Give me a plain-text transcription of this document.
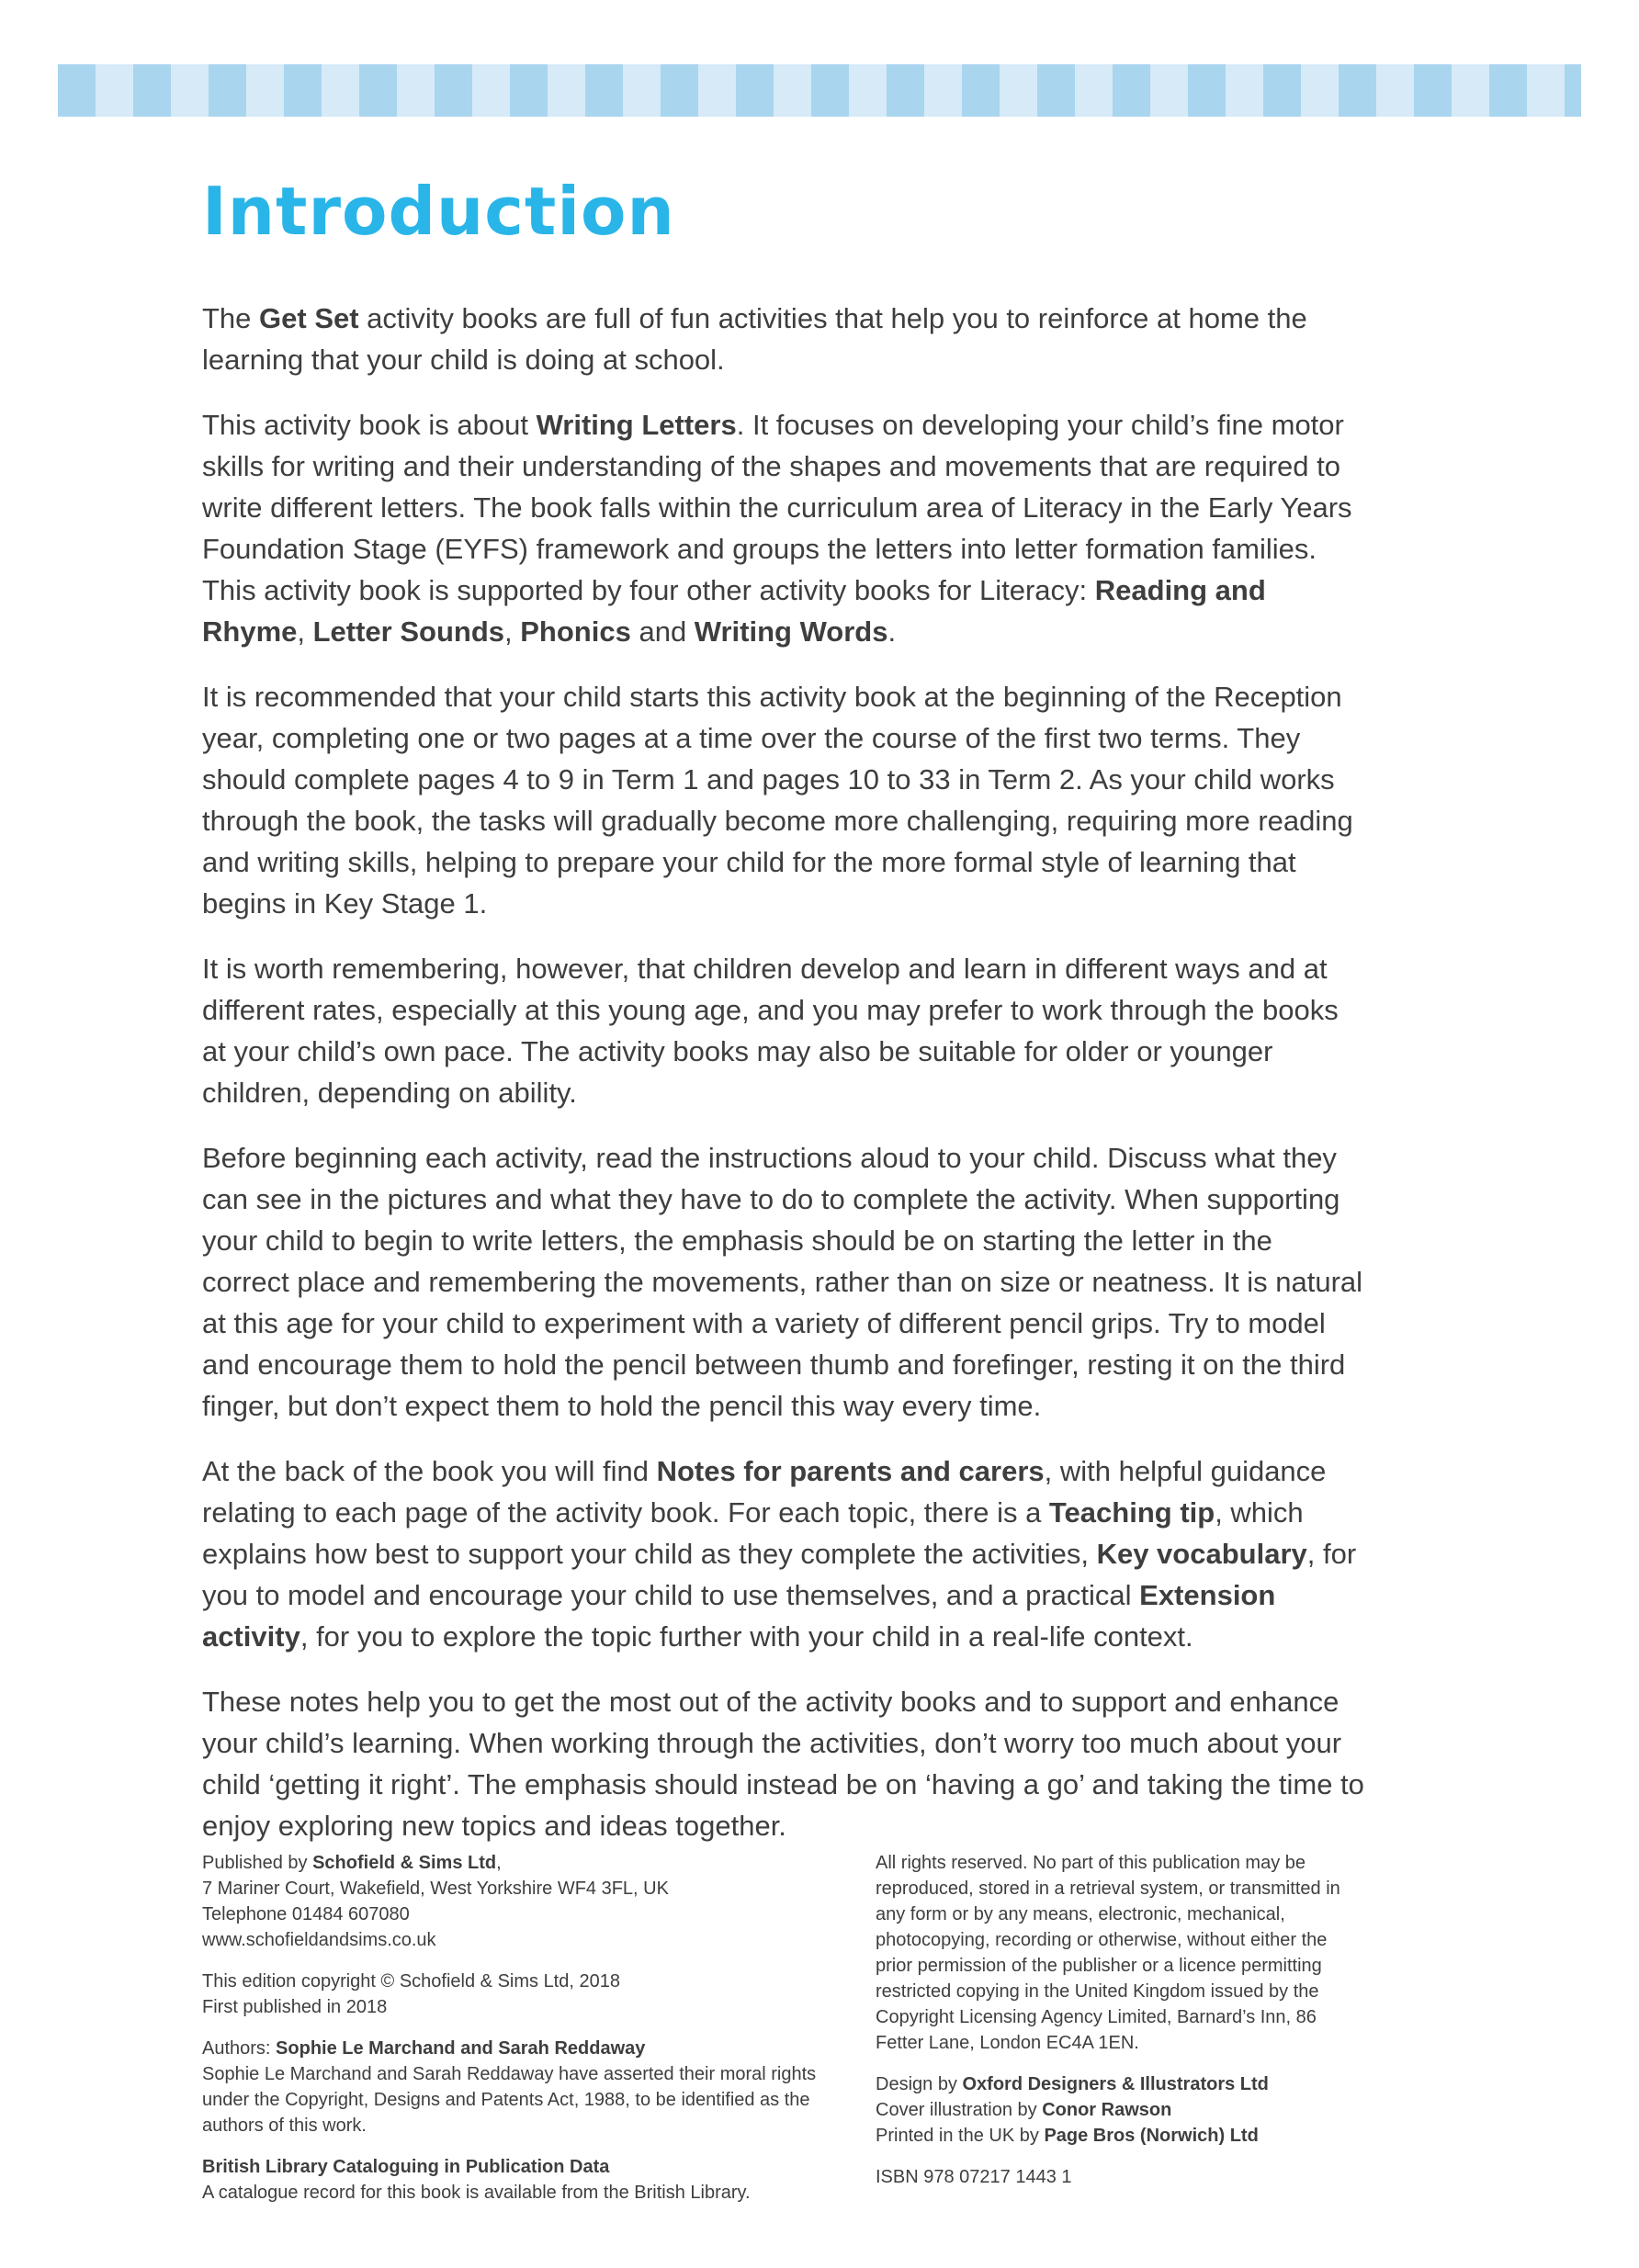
Introduction

The Get Set activity books are full of fun activities that help you to reinforce at home the learning that your child is doing at school.

This activity book is about Writing Letters. It focuses on developing your child’s fine motor skills for writing and their understanding of the shapes and movements that are required to write different letters. The book falls within the curriculum area of Literacy in the Early Years Foundation Stage (EYFS) framework and groups the letters into letter formation families. This activity book is supported by four other activity books for Literacy: Reading and Rhyme, Letter Sounds, Phonics and Writing Words.

It is recommended that your child starts this activity book at the beginning of the Reception year, completing one or two pages at a time over the course of the first two terms. They should complete pages 4 to 9 in Term 1 and pages 10 to 33 in Term 2. As your child works through the book, the tasks will gradually become more challenging, requiring more reading and writing skills, helping to prepare your child for the more formal style of learning that begins in Key Stage 1.

It is worth remembering, however, that children develop and learn in different ways and at different rates, especially at this young age, and you may prefer to work through the books at your child’s own pace. The activity books may also be suitable for older or younger children, depending on ability.

Before beginning each activity, read the instructions aloud to your child. Discuss what they can see in the pictures and what they have to do to complete the activity. When supporting your child to begin to write letters, the emphasis should be on starting the letter in the correct place and remembering the movements, rather than on size or neatness. It is natural at this age for your child to experiment with a variety of different pencil grips. Try to model and encourage them to hold the pencil between thumb and forefinger, resting it on the third finger, but don’t expect them to hold the pencil this way every time.

At the back of the book you will find Notes for parents and carers, with helpful guidance relating to each page of the activity book. For each topic, there is a Teaching tip, which explains how best to support your child as they complete the activities, Key vocabulary, for you to model and encourage your child to use themselves, and a practical Extension activity, for you to explore the topic further with your child in a real-life context.

These notes help you to get the most out of the activity books and to support and enhance your child’s learning. When working through the activities, don’t worry too much about your child ‘getting it right’. The emphasis should instead be on ‘having a go’ and taking the time to enjoy exploring new topics and ideas together.

Published by Schofield & Sims Ltd,
7 Mariner Court, Wakefield, West Yorkshire WF4 3FL, UK
Telephone 01484 607080
www.schofieldandsims.co.uk
This edition copyright © Schofield & Sims Ltd, 2018
First published in 2018
Authors: Sophie Le Marchand and Sarah Reddaway
Sophie Le Marchand and Sarah Reddaway have asserted their moral rights under the Copyright, Designs and Patents Act, 1988, to be identified as the authors of this work.
British Library Cataloguing in Publication Data
A catalogue record for this book is available from the British Library.
All rights reserved. No part of this publication may be reproduced, stored in a retrieval system, or transmitted in any form or by any means, electronic, mechanical, photocopying, recording or otherwise, without either the prior permission of the publisher or a licence permitting restricted copying in the United Kingdom issued by the Copyright Licensing Agency Limited, Barnard’s Inn, 86 Fetter Lane, London EC4A 1EN.
Design by Oxford Designers & Illustrators Ltd
Cover illustration by Conor Rawson
Printed in the UK by Page Bros (Norwich) Ltd
ISBN 978 07217 1443 1
